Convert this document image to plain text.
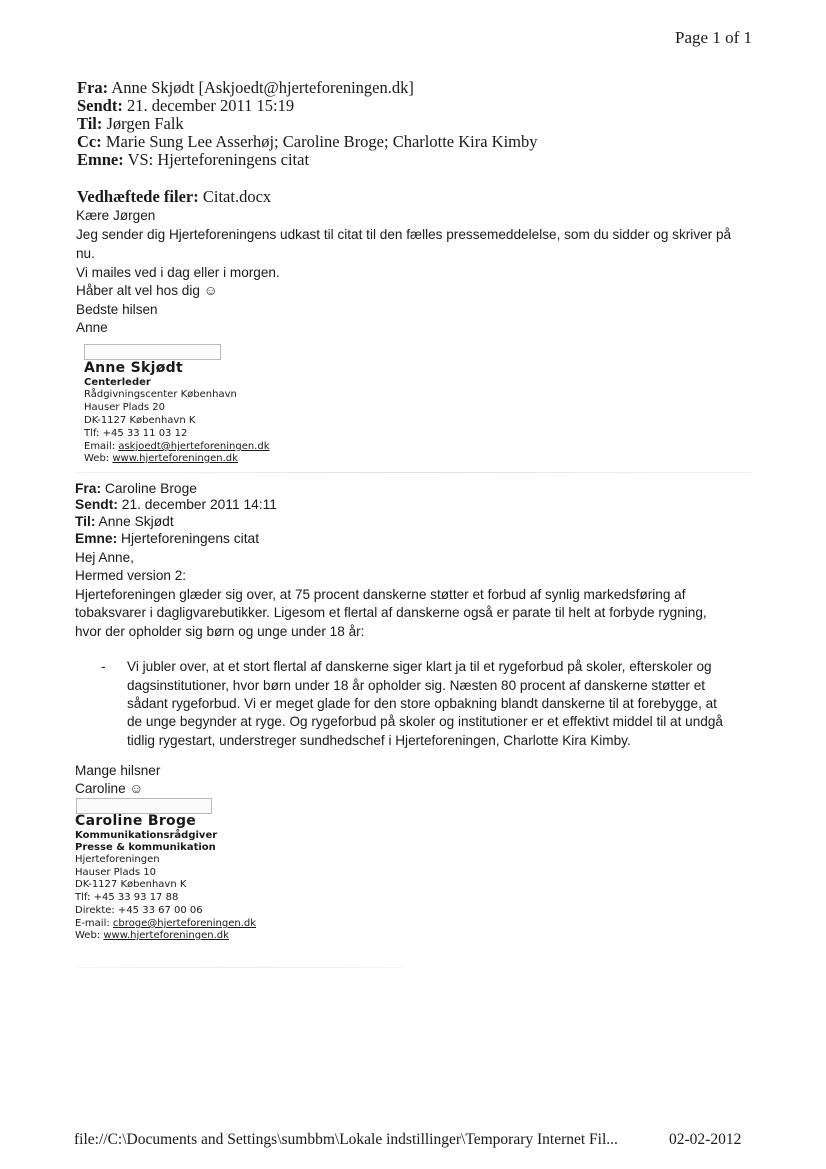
Page 1 of 1
Fra: Anne Skjødt [Askjoedt@hjerteforeningen.dk]
Sendt: 21. december 2011 15:19
Til: Jørgen Falk
Cc: Marie Sung Lee Asserhøj; Caroline Broge; Charlotte Kira Kimby
Emne: VS: Hjerteforeningens citat
Vedhæftede filer: Citat.docx
Kære Jørgen
Jeg sender dig Hjerteforeningens udkast til citat til den fælles pressemeddelelse, som du sidder og skriver på
nu.
Vi mailes ved i dag eller i morgen.
Håber alt vel hos dig ☺
Bedste hilsen
Anne
Anne Skjødt
Centerleder
Rådgivningscenter København
Hauser Plads 20
DK-1127 København K
Tlf: +45 33 11 03 12
Email: askjoedt@hjerteforeningen.dk
Web: www.hjerteforeningen.dk
Fra: Caroline Broge
Sendt: 21. december 2011 14:11
Til: Anne Skjødt
Emne: Hjerteforeningens citat
Hej Anne,
Hermed version 2:
Hjerteforeningen glæder sig over, at 75 procent danskerne støtter et forbud af synlig markedsføring af
tobaksvarer i dagligvarebutikker. Ligesom et flertal af danskerne også er parate til helt at forbyde rygning,
hvor der opholder sig børn og unge under 18 år:
- Vi jubler over, at et stort flertal af danskerne siger klart ja til et rygeforbud på skoler, efterskoler og
dagsinstitutioner, hvor børn under 18 år opholder sig. Næsten 80 procent af danskerne støtter et
sådant rygeforbud. Vi er meget glade for den store opbakning blandt danskerne til at forebygge, at
de unge begynder at ryge. Og rygeforbud på skoler og institutioner er et effektivt middel til at undgå
tidlig rygestart, understreger sundhedschef i Hjerteforeningen, Charlotte Kira Kimby.
Mange hilsner
Caroline ☺
Caroline Broge
Kommunikationsrådgiver
Presse & kommunikation
Hjerteforeningen
Hauser Plads 10
DK-1127 København K
Tlf: +45 33 93 17 88
Direkte: +45 33 67 00 06
E-mail: cbroge@hjerteforeningen.dk
Web: www.hjerteforeningen.dk
file://C:\Documents and Settings\sumbbm\Lokale indstillinger\Temporary Internet Fil...	02-02-2012
